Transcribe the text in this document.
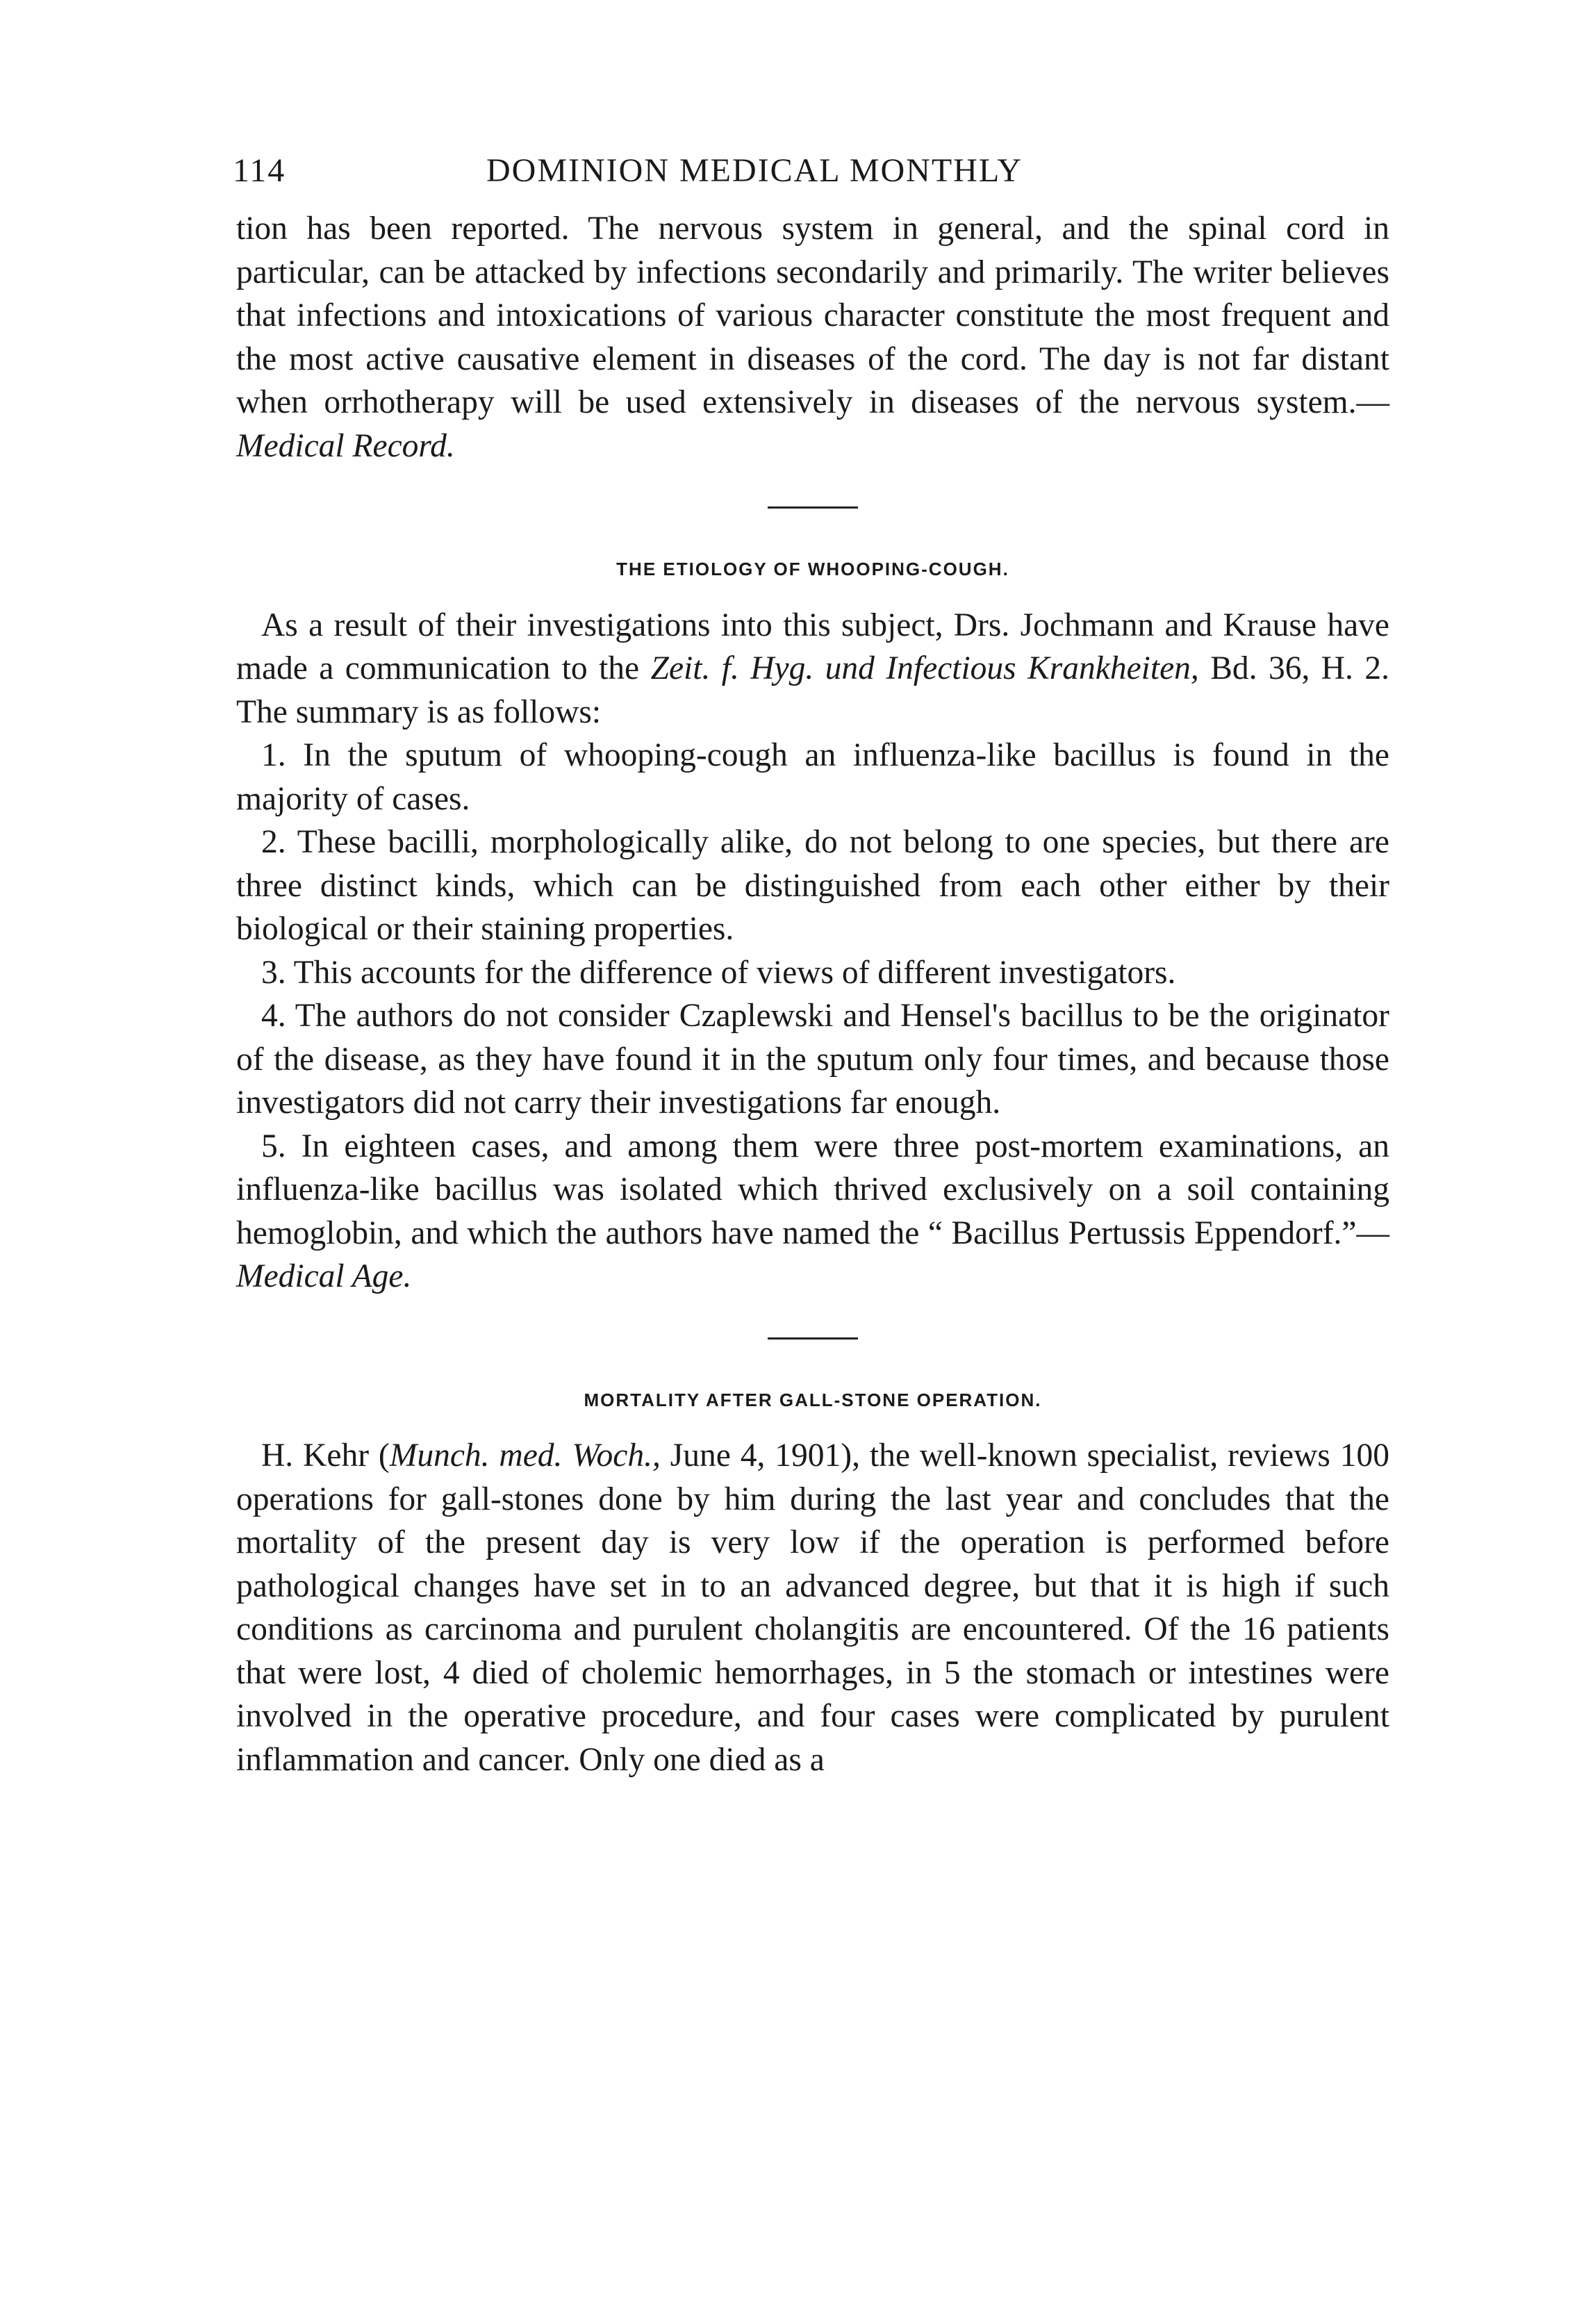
114	DOMINION MEDICAL MONTHLY

tion has been reported. The nervous system in general, and the spinal cord in particular, can be attacked by infections secondarily and primarily. The writer believes that infections and intoxications of various character constitute the most frequent and the most active causative element in diseases of the cord. The day is not far distant when orrhotherapy will be used extensively in diseases of the nervous system.—Medical Record.

THE ETIOLOGY OF WHOOPING-COUGH.

As a result of their investigations into this subject, Drs. Jochmann and Krause have made a communication to the Zeit. f. Hyg. und Infectious Krankheiten, Bd. 36, H. 2. The summary is as follows:

1. In the sputum of whooping-cough an influenza-like bacillus is found in the majority of cases.

2. These bacilli, morphologically alike, do not belong to one species, but there are three distinct kinds, which can be distinguished from each other either by their biological or their staining properties.

3. This accounts for the difference of views of different investigators.

4. The authors do not consider Czaplewski and Hensel's bacillus to be the originator of the disease, as they have found it in the sputum only four times, and because those investigators did not carry their investigations far enough.

5. In eighteen cases, and among them were three post-mortem examinations, an influenza-like bacillus was isolated which thrived exclusively on a soil containing hemoglobin, and which the authors have named the “ Bacillus Pertussis Eppendorf.”—Medical Age.

MORTALITY AFTER GALL-STONE OPERATION.

H. Kehr (Munch. med. Woch., June 4, 1901), the well-known specialist, reviews 100 operations for gall-stones done by him during the last year and concludes that the mortality of the present day is very low if the operation is performed before pathological changes have set in to an advanced degree, but that it is high if such conditions as carcinoma and purulent cholangitis are encountered. Of the 16 patients that were lost, 4 died of cholemic hemorrhages, in 5 the stomach or intestines were involved in the operative procedure, and four cases were complicated by purulent inflammation and cancer. Only one died as a
